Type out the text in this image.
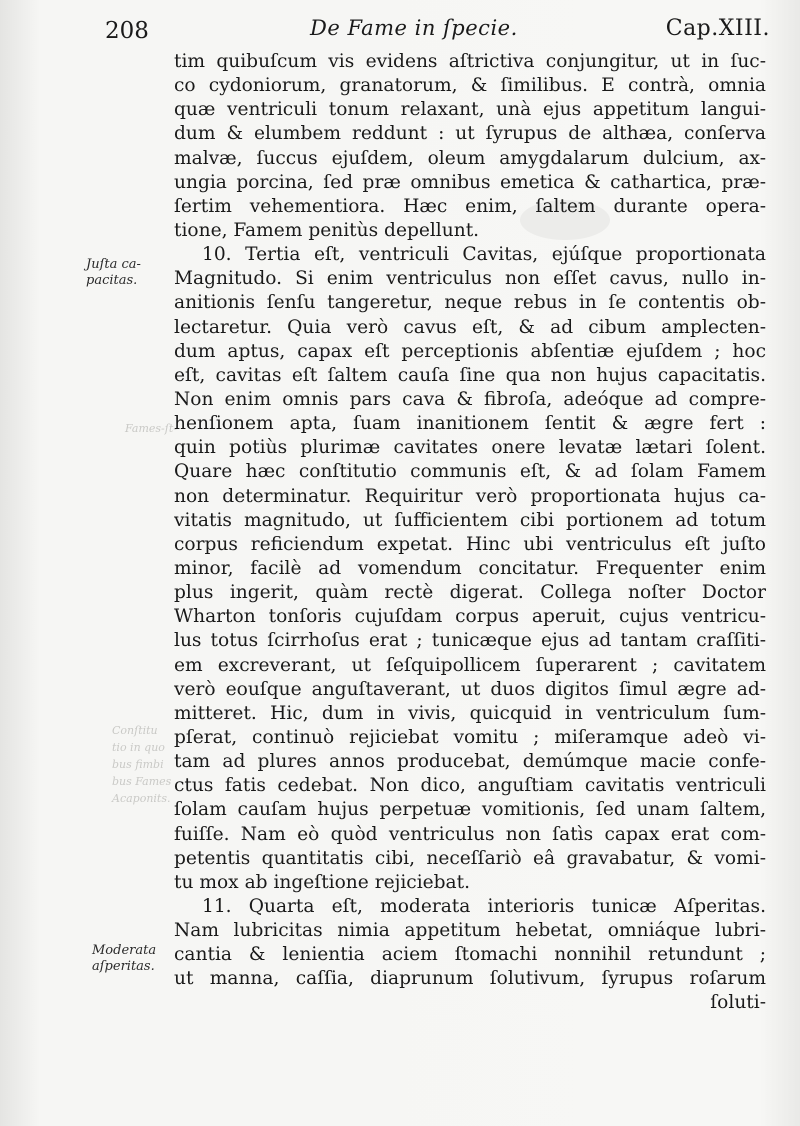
208	De Fame in ſpecie.	Cap.XIII.
Juſta ca-
pacitas.
Moderata
aſperitas.
Fames-ſt-
Conſtitu
tio in quo
bus fimbi
bus Fames
Acaponits.
tim quibuſcum vis evidens aſtrictiva conjungitur, ut in ſuc-
co cydoniorum, granatorum, & ſimilibus. E contrà, omnia
quæ ventriculi tonum relaxant, unà ejus appetitum langui-
dum & elumbem reddunt : ut ſyrupus de althæa, conſerva
malvæ, ſuccus ejuſdem, oleum amygdalarum dulcium, ax-
ungia porcina, ſed præ omnibus emetica & cathartica, præ-
ſertim vehementiora. Hæc enim, ſaltem durante opera-
tione, Famem penitùs depellunt.
10. Tertia eſt, ventriculi Cavitas, ejúſque proportionata
Magnitudo. Si enim ventriculus non eſſet cavus, nullo in-
anitionis ſenſu tangeretur, neque rebus in ſe contentis ob-
lectaretur. Quia verò cavus eſt, & ad cibum amplecten-
dum aptus, capax eſt perceptionis abſentiæ ejuſdem ; hoc
eſt, cavitas eſt ſaltem cauſa ſine qua non hujus capacitatis.
Non enim omnis pars cava & fibroſa, adeóque ad compre-
henſionem apta, ſuam inanitionem ſentit & ægre fert :
quin potiùs plurimæ cavitates onere levatæ lætari ſolent.
Quare hæc conſtitutio communis eſt, & ad ſolam Famem
non determinatur. Requiritur verò proportionata hujus ca-
vitatis magnitudo, ut ſufficientem cibi portionem ad totum
corpus reficiendum expetat. Hinc ubi ventriculus eſt juſto
minor, facilè ad vomendum concitatur. Frequenter enim
plus ingerit, quàm rectè digerat. Collega noſter Doctor
Wharton tonſoris cujuſdam corpus aperuit, cujus ventricu-
lus totus ſcirrhoſus erat ; tunicæque ejus ad tantam craſſiti-
em excreverant, ut ſeſquipollicem ſuperarent ; cavitatem
verò eouſque anguſtaverant, ut duos digitos ſimul ægre ad-
mitteret. Hic, dum in vivis, quicquid in ventriculum ſum-
pſerat, continuò rejiciebat vomitu ; miſeramque adeò vi-
tam ad plures annos producebat, demúmque macie confe-
ctus fatis cedebat. Non dico, anguſtiam cavitatis ventriculi
ſolam cauſam hujus perpetuæ vomitionis, ſed unam ſaltem,
fuiſſe. Nam eò quòd ventriculus non ſatìs capax erat com-
petentis quantitatis cibi, neceſſariò eâ gravabatur, & vomi-
tu mox ab ingeſtione rejiciebat.
11. Quarta eſt, moderata interioris tunicæ Aſperitas.
Nam lubricitas nimia appetitum hebetat, omniáque lubri-
cantia & lenientia aciem ſtomachi nonnihil retundunt ;
ut manna, caſſia, diaprunum ſolutivum, ſyrupus roſarum
ſoluti-
